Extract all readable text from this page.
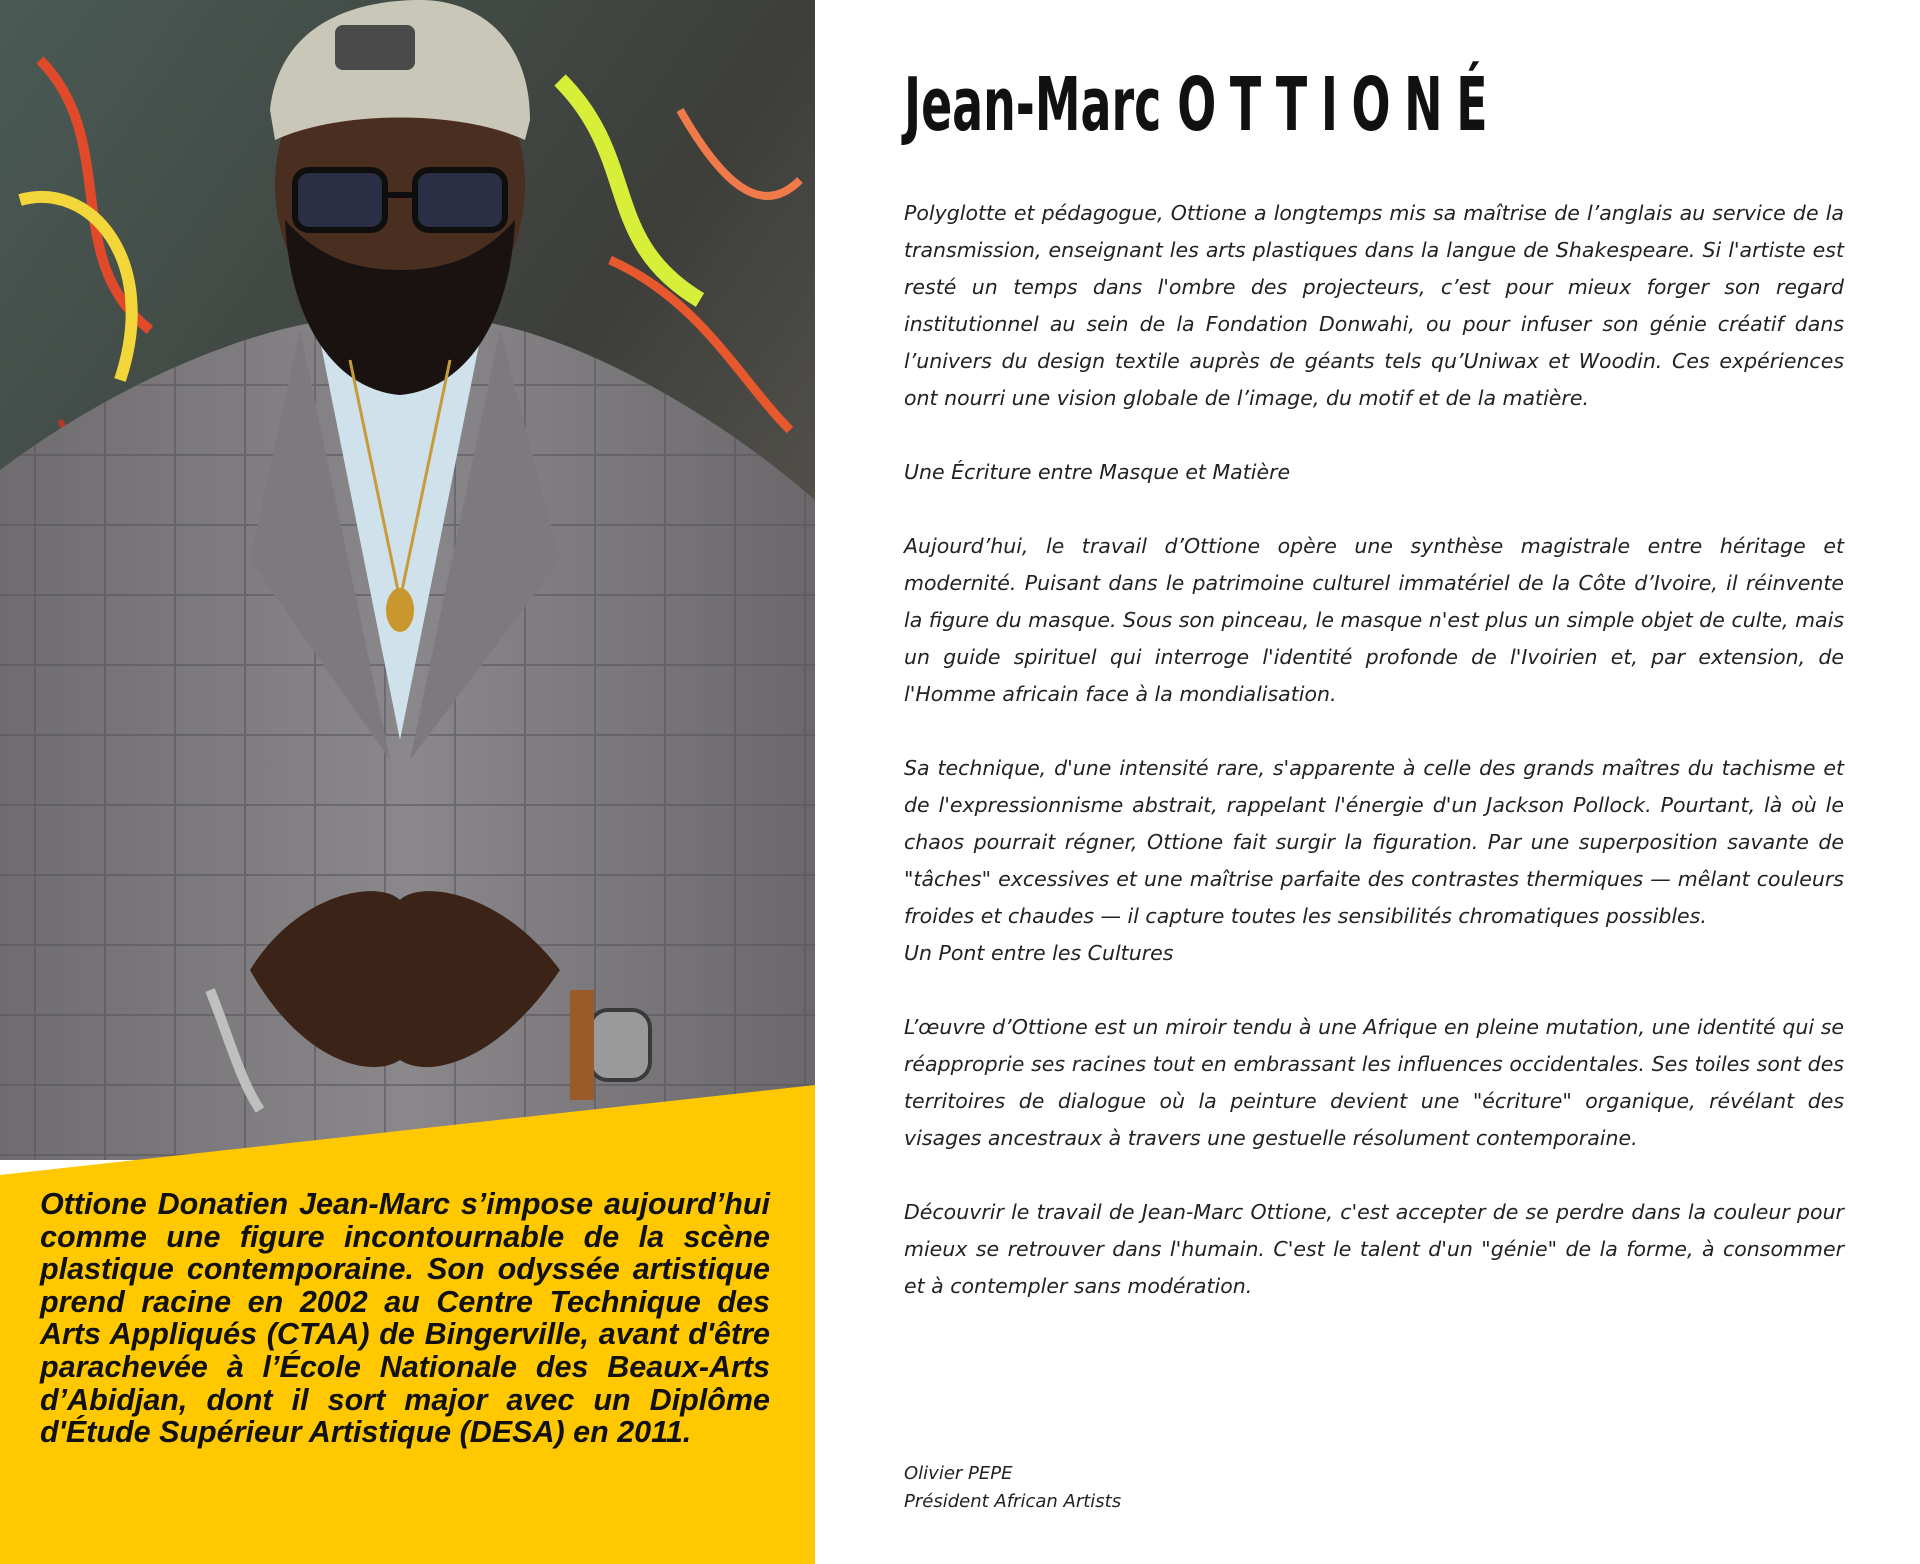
Ottione Donatien Jean-Marc s’impose aujourd’hui comme une figure incontournable de la scène plastique contemporaine. Son odyssée artistique prend racine en 2002 au Centre Technique des Arts Appliqués (CTAA) de Bingerville, avant d'être parachevée à l’École Nationale des Beaux-Arts d’Abidjan, dont il sort major avec un Diplôme d'Étude Supérieur Artistique (DESA) en 2011.

Jean-Marc OTTIONÉ

Polyglotte et pédagogue, Ottione a longtemps mis sa maîtrise de l’anglais au service de la transmission, enseignant les arts plastiques dans la langue de Shakespeare. Si l'artiste est resté un temps dans l'ombre des projecteurs, c’est pour mieux forger son regard institutionnel au sein de la Fondation Donwahi, ou pour infuser son génie créatif dans l’univers du design textile auprès de géants tels qu’Uniwax et Woodin. Ces expériences ont nourri une vision globale de l’image, du motif et de la matière.

Une Écriture entre Masque et Matière

Aujourd’hui, le travail d’Ottione opère une synthèse magistrale entre héritage et modernité. Puisant dans le patrimoine culturel immatériel de la Côte d’Ivoire, il réinvente la figure du masque. Sous son pinceau, le masque n'est plus un simple objet de culte, mais un guide spirituel qui interroge l'identité profonde de l'Ivoirien et, par extension, de l'Homme africain face à la mondialisation.

Sa technique, d'une intensité rare, s'apparente à celle des grands maîtres du tachisme et de l'expressionnisme abstrait, rappelant l'énergie d'un Jackson Pollock. Pourtant, là où le chaos pourrait régner, Ottione fait surgir la figuration. Par une superposition savante de "tâches" excessives et une maîtrise parfaite des contrastes thermiques — mêlant couleurs froides et chaudes — il capture toutes les sensibilités chromatiques possibles.

Un Pont entre les Cultures

L’œuvre d’Ottione est un miroir tendu à une Afrique en pleine mutation, une identité qui se réapproprie ses racines tout en embrassant les influences occidentales. Ses toiles sont des territoires de dialogue où la peinture devient une "écriture" organique, révélant des visages ancestraux à travers une gestuelle résolument contemporaine.

Découvrir le travail de Jean-Marc Ottione, c'est accepter de se perdre dans la couleur pour mieux se retrouver dans l'humain. C'est le talent d'un "génie" de la forme, à consommer et à contempler sans modération.

Olivier PEPE
Président African Artists
